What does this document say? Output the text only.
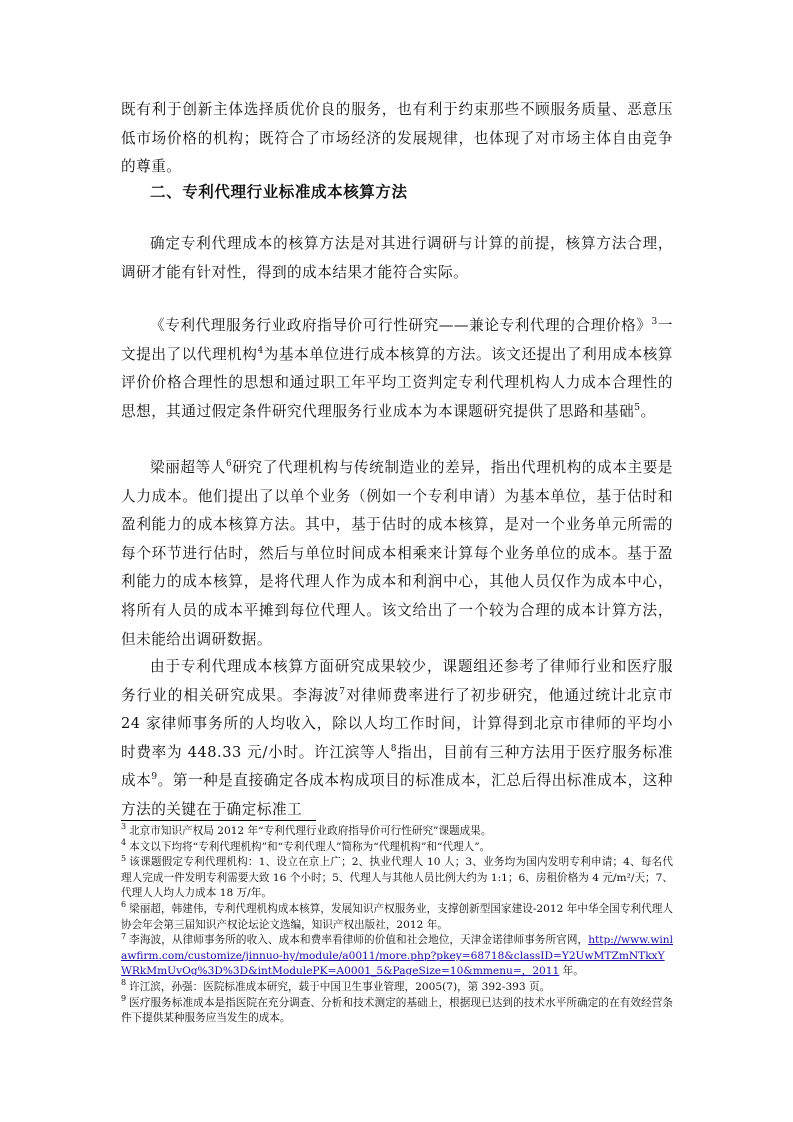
既有利于创新主体选择质优价良的服务，也有利于约束那些不顾服务质量、恶意压低市场价格的机构；既符合了市场经济的发展规律，也体现了对市场主体自由竞争的尊重。

二、专利代理行业标准成本核算方法

确定专利代理成本的核算方法是对其进行调研与计算的前提，核算方法合理，调研才能有针对性，得到的成本结果才能符合实际。

《专利代理服务行业政府指导价可行性研究——兼论专利代理的合理价格》$^3$一文提出了以代理机构$^4$为基本单位进行成本核算的方法。该文还提出了利用成本核算评价价格合理性的思想和通过职工年平均工资判定专利代理机构人力成本合理性的思想，其通过假定条件研究代理服务行业成本为本课题研究提供了思路和基础$^5$。

梁丽超等人$^6$研究了代理机构与传统制造业的差异，指出代理机构的成本主要是人力成本。他们提出了以单个业务（例如一个专利申请）为基本单位，基于估时和盈利能力的成本核算方法。其中，基于估时的成本核算，是对一个业务单元所需的每个环节进行估时，然后与单位时间成本相乘来计算每个业务单位的成本。基于盈利能力的成本核算，是将代理人作为成本和利润中心，其他人员仅作为成本中心，将所有人员的成本平摊到每位代理人。该文给出了一个较为合理的成本计算方法，但未能给出调研数据。

由于专利代理成本核算方面研究成果较少，课题组还参考了律师行业和医疗服务行业的相关研究成果。李海波$^7$对律师费率进行了初步研究，他通过统计北京市 24 家律师事务所的人均收入，除以人均工作时间，计算得到北京市律师的平均小时费率为 448.33 元/小时。许江滨等人$^8$指出，目前有三种方法用于医疗服务标准成本$^9$。第一种是直接确定各成本构成项目的标准成本，汇总后得出标准成本，这种方法的关键在于确定标准工

$^3$ 北京市知识产权局 2012 年“专利代理行业政府指导价可行性研究”课题成果。
$^4$ 本文以下均将“专利代理机构”和“专利代理人”简称为“代理机构”和“代理人”。
$^5$ 该课题假定专利代理机构：1、设立在京上广；2、执业代理人 10 人；3、业务均为国内发明专利申请；4、每名代理人完成一件发明专利需要大致 16 个小时；5、代理人与其他人员比例大约为 1:1；6、房租价格为 4 元/m²/天；7、代理人人均人力成本 18 万/年。
$^6$ 梁丽超，韩建伟，专利代理机构成本核算，发展知识产权服务业，支撑创新型国家建设-2012 年中华全国专利代理人协会年会第三届知识产权论坛论文选编，知识产权出版社，2012 年。
$^7$ 李海波，从律师事务所的收入、成本和费率看律师的价值和社会地位，天津金诺律师事务所官网，http://www.winlawfirm.com/customize/jinnuo-hy/module/a0011/more.php?pkey=68718&classID=Y2UwMTZmNTkxYWRkMmUvOg%3D%3D&intModulePK=A0001_5&PageSize=10&mmenu=，2011 年。
$^8$ 许江滨，孙强：医院标准成本研究，载于中国卫生事业管理，2005(7)，第 392-393 页。
$^9$ 医疗服务标准成本是指医院在充分调查、分析和技术测定的基础上，根据现已达到的技术水平所确定的在有效经营条件下提供某种服务应当发生的成本。
